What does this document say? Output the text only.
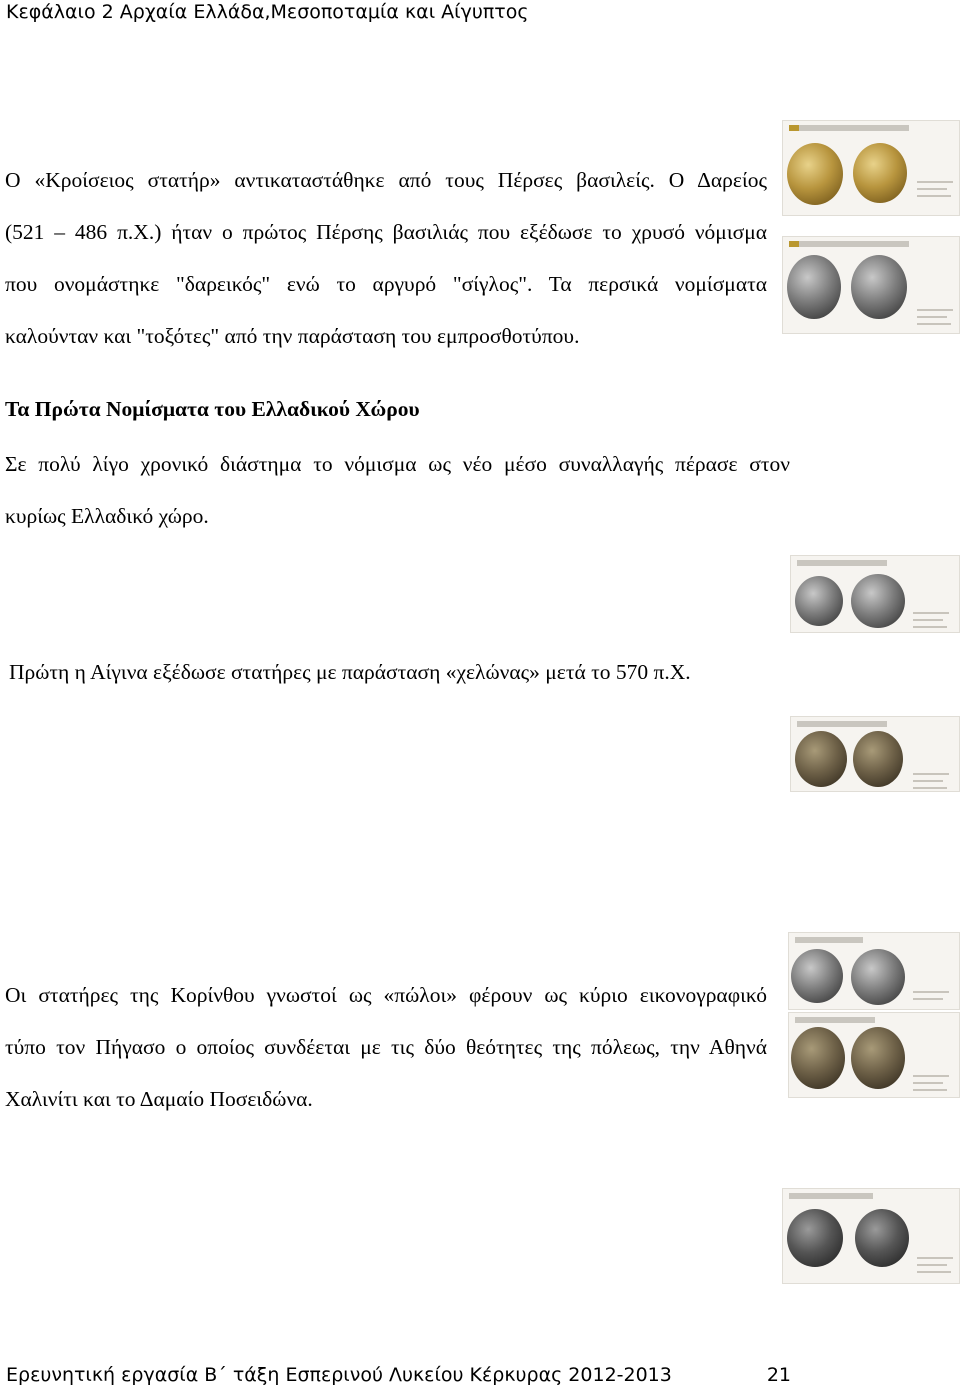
Κεφάλαιο 2 Αρχαία Ελλάδα,Μεσοποταμία και Αίγυπτος
Ο «Κροίσειος στατήρ» αντικαταστάθηκε από τους Πέρσες βασιλείς. Ο Δαρείος
(521 – 486 π.Χ.) ήταν ο πρώτος Πέρσης βασιλιάς που εξέδωσε το χρυσό νόμισμα
που ονομάστηκε "δαρεικός" ενώ το αργυρό "σίγλος". Τα περσικά νομίσματα
καλούνταν και "τοξότες" από την παράσταση του εμπροσθοτύπου.
Τα Πρώτα Νομίσματα του Ελλαδικού Χώρου
Σε πολύ λίγο χρονικό διάστημα το νόμισμα ως νέο μέσο συναλλαγής πέρασε στον
κυρίως Ελλαδικό χώρο.
Πρώτη η Αίγινα εξέδωσε στατήρες με παράσταση «χελώνας» μετά το 570 π.Χ.
Οι στατήρες της Κορίνθου γνωστοί ως «πώλοι» φέρουν ως κύριο εικονογραφικό
τύπο τον Πήγασο ο οποίος συνδέεται με τις δύο θεότητες της πόλεως, την Αθηνά
Χαλινίτι και το Δαμαίο Ποσειδώνα.
Ερευνητική εργασία Β΄ τάξη Εσπερινού Λυκείου Κέρκυρας 2012-2013	21
